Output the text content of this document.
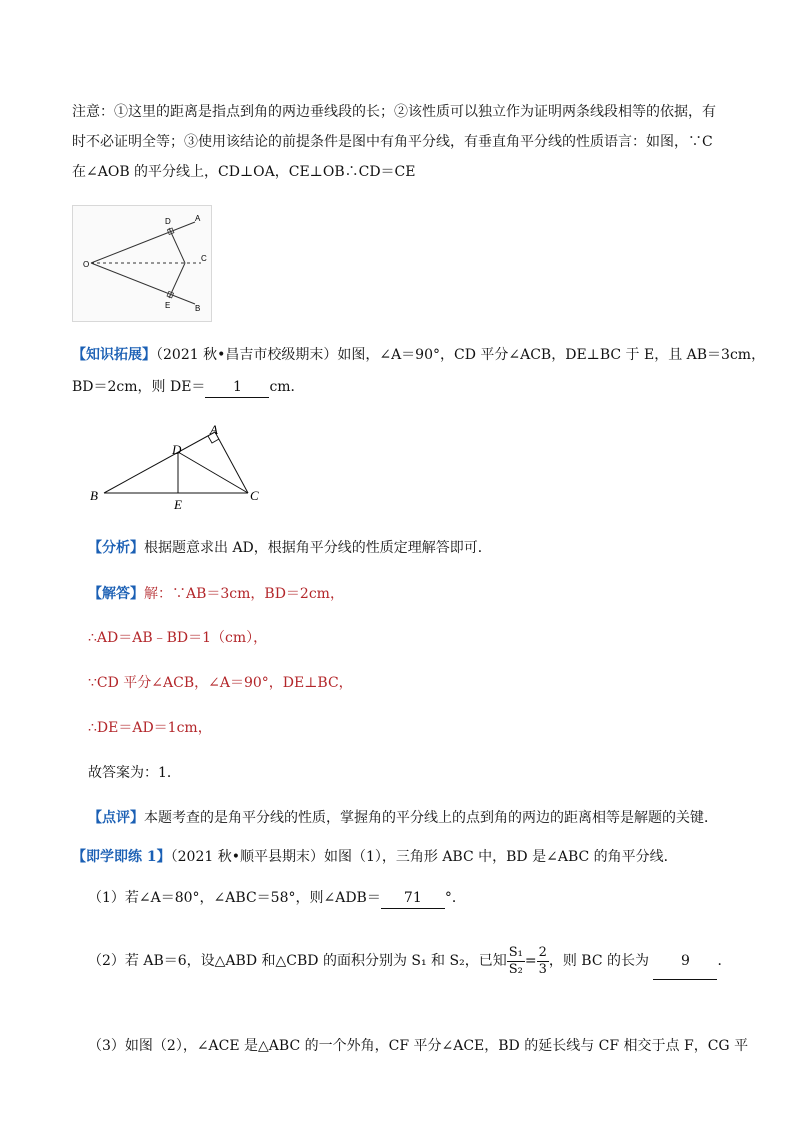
注意：①这里的距离是指点到角的两边垂线段的长；②该性质可以独立作为证明两条线段相等的依据，有
时不必证明全等；③使用该结论的前提条件是图中有角平分线，有垂直角平分线的性质语言：如图，∵C
在∠AOB 的平分线上，CD⊥OA，CE⊥OB∴CD＝CE
O
D	A
C
E	B
【知识拓展】（2021 秋•昌吉市校级期末）如图，∠A＝90°，CD 平分∠ACB，DE⊥BC 于 E，且 AB＝3cm，
BD＝2cm，则 DE＝ 1 cm．
A
D
B
E
C
【分析】根据题意求出 AD，根据角平分线的性质定理解答即可．
【解答】解：∵AB＝3cm，BD＝2cm，
∴AD＝AB﹣BD＝1（cm），
∵CD 平分∠ACB，∠A＝90°，DE⊥BC，
∴DE＝AD＝1cm，
故答案为：1．
【点评】本题考查的是角平分线的性质，掌握角的平分线上的点到角的两边的距离相等是解题的关键．
【即学即练 1】（2021 秋•顺平县期末）如图（1），三角形 ABC 中，BD 是∠ABC 的角平分线．
（1）若∠A＝80°，∠ABC＝58°，则∠ADB＝ 71 °．
（2）若 AB＝6，设△ABD 和△CBD 的面积分别为 S₁ 和 S₂，已知 $\frac{\text{S₁}}{\text{S₂}} = \frac{2}{3}$ ，则 BC 的长为 9 ．
（3）如图（2），∠ACE 是△ABC 的一个外角，CF 平分∠ACE，BD 的延长线与 CF 相交于点 F，CG 平
